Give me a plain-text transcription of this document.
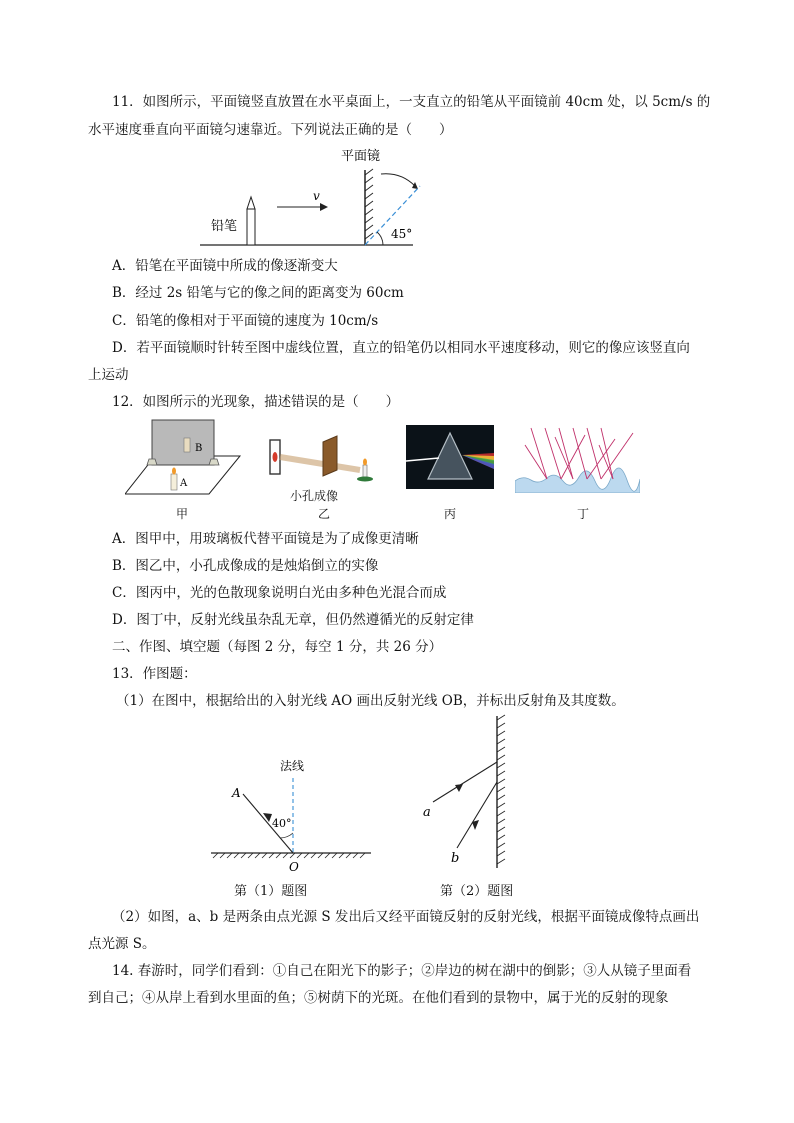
11．如图所示，平面镜竖直放置在水平桌面上，一支直立的铅笔从平面镜前 40cm 处，以 5cm/s 的
水平速度垂直向平面镜匀速靠近。下列说法正确的是（　　）
铅笔
v
平面镜
45°
A．铅笔在平面镜中所成的像逐渐变大
B．经过 2s 铅笔与它的像之间的距离变为 60cm
C．铅笔的像相对于平面镜的速度为 10cm/s
D．若平面镜顺时针转至图中虚线位置，直立的铅笔仍以相同水平速度移动，则它的像应该竖直向
上运动
12．如图所示的光现象，描述错误的是（　　）
B
A
甲
小孔成像
乙	丙	丁
A．图甲中，用玻璃板代替平面镜是为了成像更清晰
B．图乙中，小孔成像成的是烛焰倒立的实像
C．图丙中，光的色散现象说明白光由多种色光混合而成
D．图丁中，反射光线虽杂乱无章，但仍然遵循光的反射定律
二、作图、填空题（每图 2 分，每空 1 分，共 26 分）
13．作图题：
（1）在图中，根据给出的入射光线 AO 画出反射光线 OB，并标出反射角及其度数。
法线
A
40°
O
第（1）题图
a
b
第（2）题图
（2）如图，a、b 是两条由点光源 S 发出后又经平面镜反射的反射光线，根据平面镜成像特点画出
点光源 S。
14. 春游时，同学们看到：①自己在阳光下的影子；②岸边的树在湖中的倒影；③人从镜子里面看
到自己；④从岸上看到水里面的鱼；⑤树荫下的光斑。在他们看到的景物中，属于光的反射的现象
